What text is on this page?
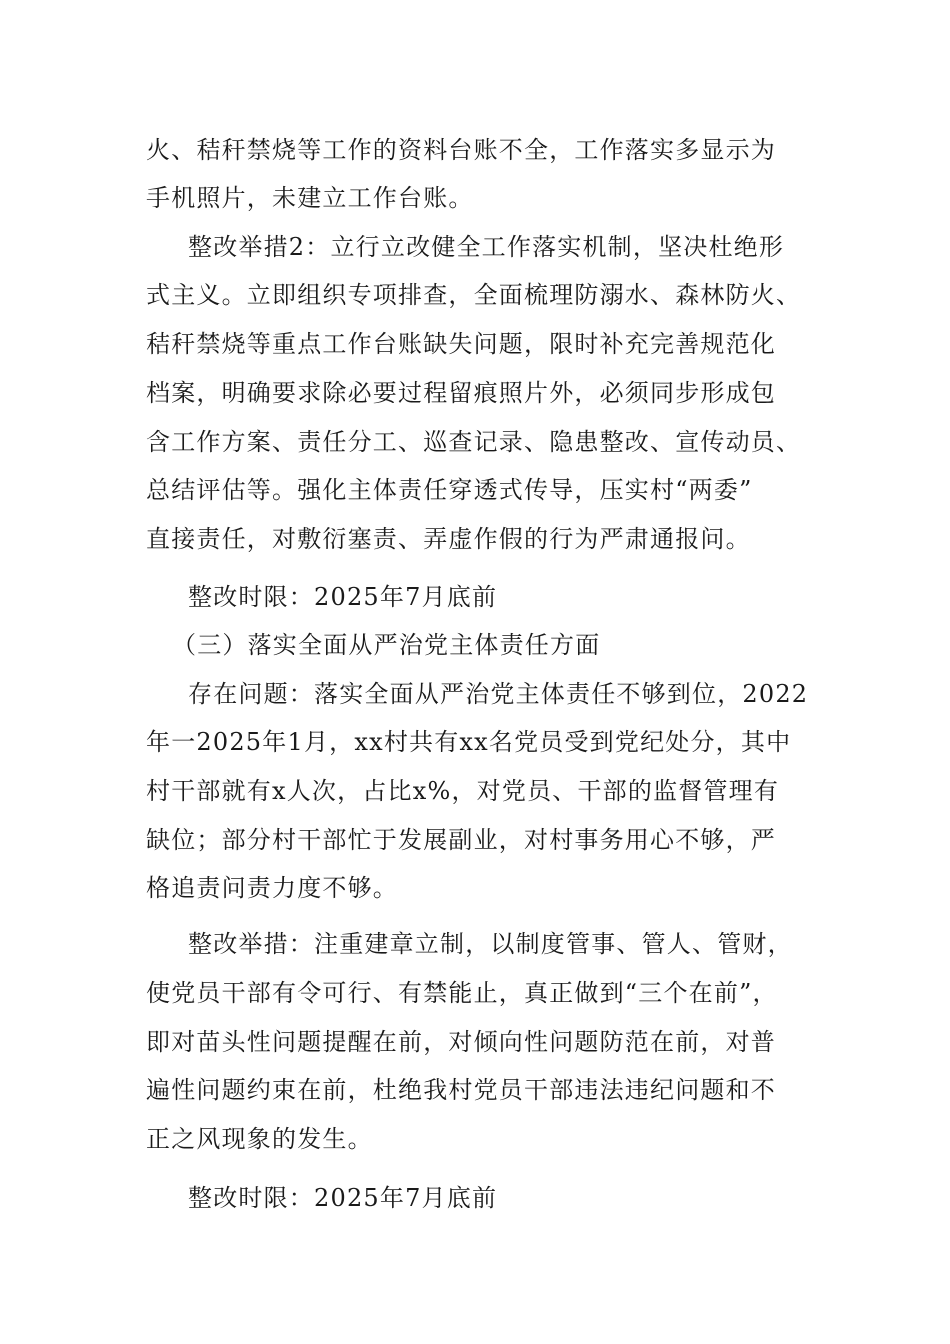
火、秸秆禁烧等工作的资料台账不全，工作落实多显示为
手机照片，未建立工作台账。
整改举措2：立行立改健全工作落实机制，坚决杜绝形
式主义。立即组织专项排查，全面梳理防溺水、森林防火、
秸秆禁烧等重点工作台账缺失问题，限时补充完善规范化
档案，明确要求除必要过程留痕照片外，必须同步形成包
含工作方案、责任分工、巡查记录、隐患整改、宣传动员、
总结评估等。强化主体责任穿透式传导，压实村“两委”
直接责任，对敷衍塞责、弄虚作假的行为严肃通报问。
整改时限：2025年7月底前
（三）落实全面从严治党主体责任方面
存在问题：落实全面从严治党主体责任不够到位，2022
年一2025年1月，xx村共有xx名党员受到党纪处分，其中
村干部就有x人次，占比x%，对党员、干部的监督管理有
缺位；部分村干部忙于发展副业，对村事务用心不够，严
格追责问责力度不够。
整改举措：注重建章立制，以制度管事、管人、管财，
使党员干部有令可行、有禁能止，真正做到“三个在前”，
即对苗头性问题提醒在前，对倾向性问题防范在前，对普
遍性问题约束在前，杜绝我村党员干部违法违纪问题和不
正之风现象的发生。
整改时限：2025年7月底前
